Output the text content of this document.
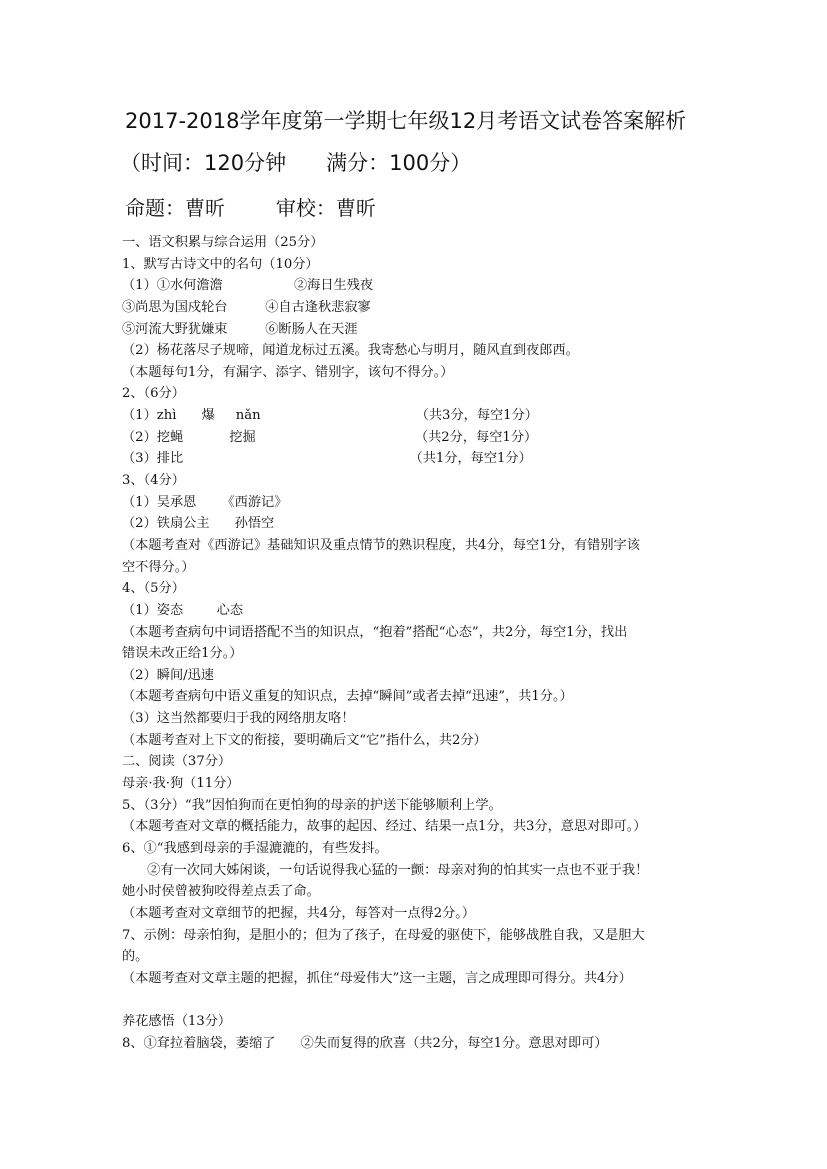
2017-2018学年度第一学期七年级12月考语文试卷答案解析
（时间：120分钟      满分：100分）
命题：曹昕        审校：曹昕
一、语文积累与综合运用（25分）
1、默写古诗文中的名句（10分）
（1）①水何澹澹                 ②海日生残夜
③尚思为国戍轮台         ④自古逢秋悲寂寥
⑤河流大野犹嫌束         ⑥断肠人在天涯
（2）杨花落尽子规啼，闻道龙标过五溪。我寄愁心与明月，随风直到夜郎西。
（本题每句1分，有漏字、添字、错别字，该句不得分。）
2、（6分）
（1）zhì      爆     nǎn                                     （共3分，每空1分）
（2）挖蝇           挖掘                                      （共2分，每空1分）
（3）排比                                                      （共1分，每空1分）
3、（4分）
（1）吴承恩      《西游记》
（2）铁扇公主      孙悟空
（本题考查对《西游记》基础知识及重点情节的熟识程度，共4分，每空1分，有错别字该
空不得分。）
4、（5分）
（1）姿态        心态
（本题考查病句中词语搭配不当的知识点，“抱着”搭配“心态”，共2分，每空1分，找出
错误未改正给1分。）
（2）瞬间/迅速
（本题考查病句中语义重复的知识点，去掉“瞬间”或者去掉“迅速”，共1分。）
（3）这当然都要归于我的网络朋友咯！
（本题考查对上下文的衔接，要明确后文“它”指什么，共2分）
二、阅读（37分）
母亲·我·狗（11分）
5、（3分）“我”因怕狗而在更怕狗的母亲的护送下能够顺利上学。
（本题考查对文章的概括能力，故事的起因、经过、结果一点1分，共3分，意思对即可。）
6、①“我感到母亲的手湿漉漉的，有些发抖。
②有一次同大姊闲谈，一句话说得我心猛的一颤：母亲对狗的怕其实一点也不亚于我！
她小时侯曾被狗咬得差点丢了命。
（本题考查对文章细节的把握，共4分，每答对一点得2分。）
7、示例：母亲怕狗，是胆小的；但为了孩子，在母爱的驱使下，能够战胜自我，又是胆大
的。
（本题考查对文章主题的把握，抓住“母爱伟大”这一主题，言之成理即可得分。共4分）
养花感悟（13分）
8、①耷拉着脑袋，萎缩了      ②失而复得的欣喜（共2分，每空1分。意思对即可）
